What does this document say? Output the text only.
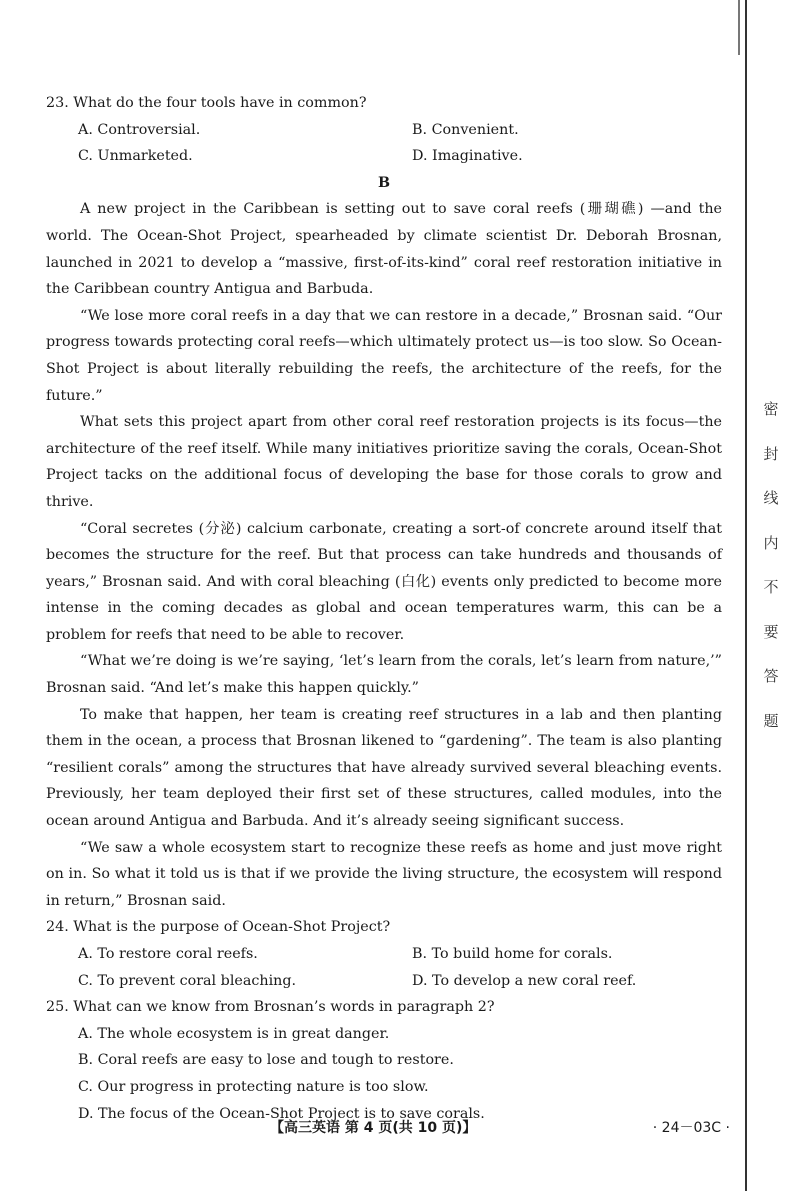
23. What do the four tools have in common?

A. Controversial.	B. Convenient.
C. Unmarketed.	D. Imaginative.

B

A new project in the Caribbean is setting out to save coral reefs (珊瑚礁) —and the world. The Ocean-Shot Project, spearheaded by climate scientist Dr. Deborah Brosnan, launched in 2021 to develop a “massive, first-of-its-kind” coral reef restoration initiative in the Caribbean country Antigua and Barbuda.

“We lose more coral reefs in a day that we can restore in a decade,” Brosnan said. “Our progress towards protecting coral reefs—which ultimately protect us—is too slow. So Ocean-Shot Project is about literally rebuilding the reefs, the architecture of the reefs, for the future.”

What sets this project apart from other coral reef restoration projects is its focus—the architecture of the reef itself. While many initiatives prioritize saving the corals, Ocean-Shot Project tacks on the additional focus of developing the base for those corals to grow and thrive.

“Coral secretes (分泌) calcium carbonate, creating a sort-of concrete around itself that becomes the structure for the reef. But that process can take hundreds and thousands of years,” Brosnan said. And with coral bleaching (白化) events only predicted to become more intense in the coming decades as global and ocean temperatures warm, this can be a problem for reefs that need to be able to recover.

“What we’re doing is we’re saying, ‘let’s learn from the corals, let’s learn from nature,’” Brosnan said. “And let’s make this happen quickly.”

To make that happen, her team is creating reef structures in a lab and then planting them in the ocean, a process that Brosnan likened to “gardening”. The team is also planting “resilient corals” among the structures that have already survived several bleaching events. Previously, her team deployed their first set of these structures, called modules, into the ocean around Antigua and Barbuda. And it’s already seeing significant success.

“We saw a whole ecosystem start to recognize these reefs as home and just move right on in. So what it told us is that if we provide the living structure, the ecosystem will respond in return,” Brosnan said.

24. What is the purpose of Ocean-Shot Project?

A. To restore coral reefs.	B. To build home for corals.
C. To prevent coral bleaching.	D. To develop a new coral reef.

25. What can we know from Brosnan’s words in paragraph 2?

A. The whole ecosystem is in great danger.

B. Coral reefs are easy to lose and tough to restore.

C. Our progress in protecting nature is too slow.

D. The focus of the Ocean-Shot Project is to save corals.

【高三英语 第 4 页(共 10 页)】	· 24－03C ·
密
封
线
内
不
要
答
题
